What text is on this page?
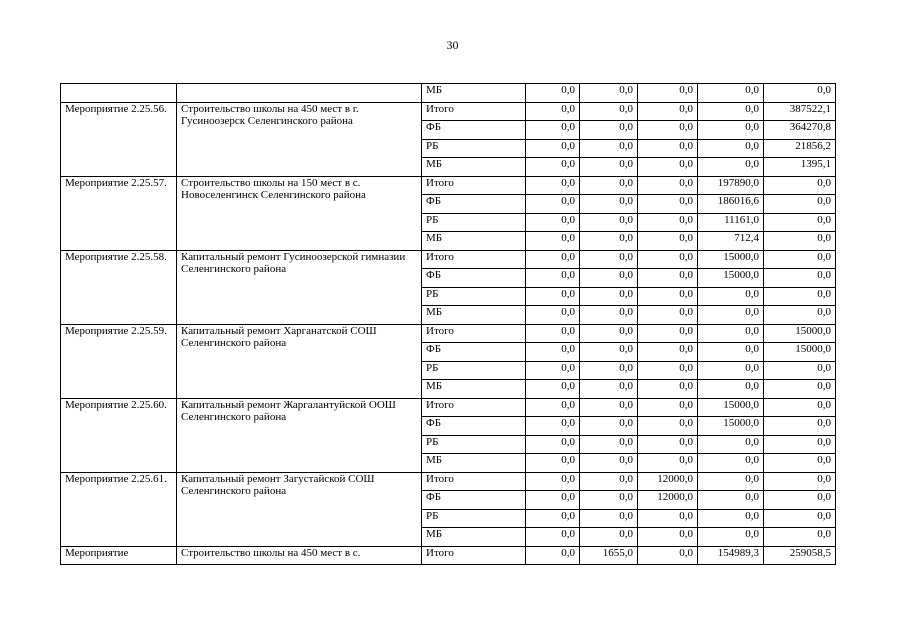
30
		МБ	0,0	0,0	0,0	0,0	0,0
Мероприятие 2.25.56.	Строительство школы на 450 мест в г. Гусиноозерск Селенгинского района	Итого	0,0	0,0	0,0	0,0	387522,1
		ФБ	0,0	0,0	0,0	0,0	364270,8
		РБ	0,0	0,0	0,0	0,0	21856,2
		МБ	0,0	0,0	0,0	0,0	1395,1
Мероприятие 2.25.57.	Строительство школы на 150 мест в с. Новоселенгинск Селенгинского района	Итого	0,0	0,0	0,0	197890,0	0,0
		ФБ	0,0	0,0	0,0	186016,6	0,0
		РБ	0,0	0,0	0,0	11161,0	0,0
		МБ	0,0	0,0	0,0	712,4	0,0
Мероприятие 2.25.58.	Капитальный ремонт Гусиноозерской гимназии Селенгинского района	Итого	0,0	0,0	0,0	15000,0	0,0
		ФБ	0,0	0,0	0,0	15000,0	0,0
		РБ	0,0	0,0	0,0	0,0	0,0
		МБ	0,0	0,0	0,0	0,0	0,0
Мероприятие 2.25.59.	Капитальный ремонт Харганатской СОШ Селенгинского района	Итого	0,0	0,0	0,0	0,0	15000,0
		ФБ	0,0	0,0	0,0	0,0	15000,0
		РБ	0,0	0,0	0,0	0,0	0,0
		МБ	0,0	0,0	0,0	0,0	0,0
Мероприятие 2.25.60.	Капитальный ремонт Жаргалантуйской ООШ Селенгинского района	Итого	0,0	0,0	0,0	15000,0	0,0
		ФБ	0,0	0,0	0,0	15000,0	0,0
		РБ	0,0	0,0	0,0	0,0	0,0
		МБ	0,0	0,0	0,0	0,0	0,0
Мероприятие 2.25.61.	Капитальный ремонт Загустайской СОШ Селенгинского района	Итого	0,0	0,0	12000,0	0,0	0,0
		ФБ	0,0	0,0	12000,0	0,0	0,0
		РБ	0,0	0,0	0,0	0,0	0,0
		МБ	0,0	0,0	0,0	0,0	0,0
Мероприятие	Строительство школы на 450 мест в с.	Итого	0,0	1655,0	0,0	154989,3	259058,5
